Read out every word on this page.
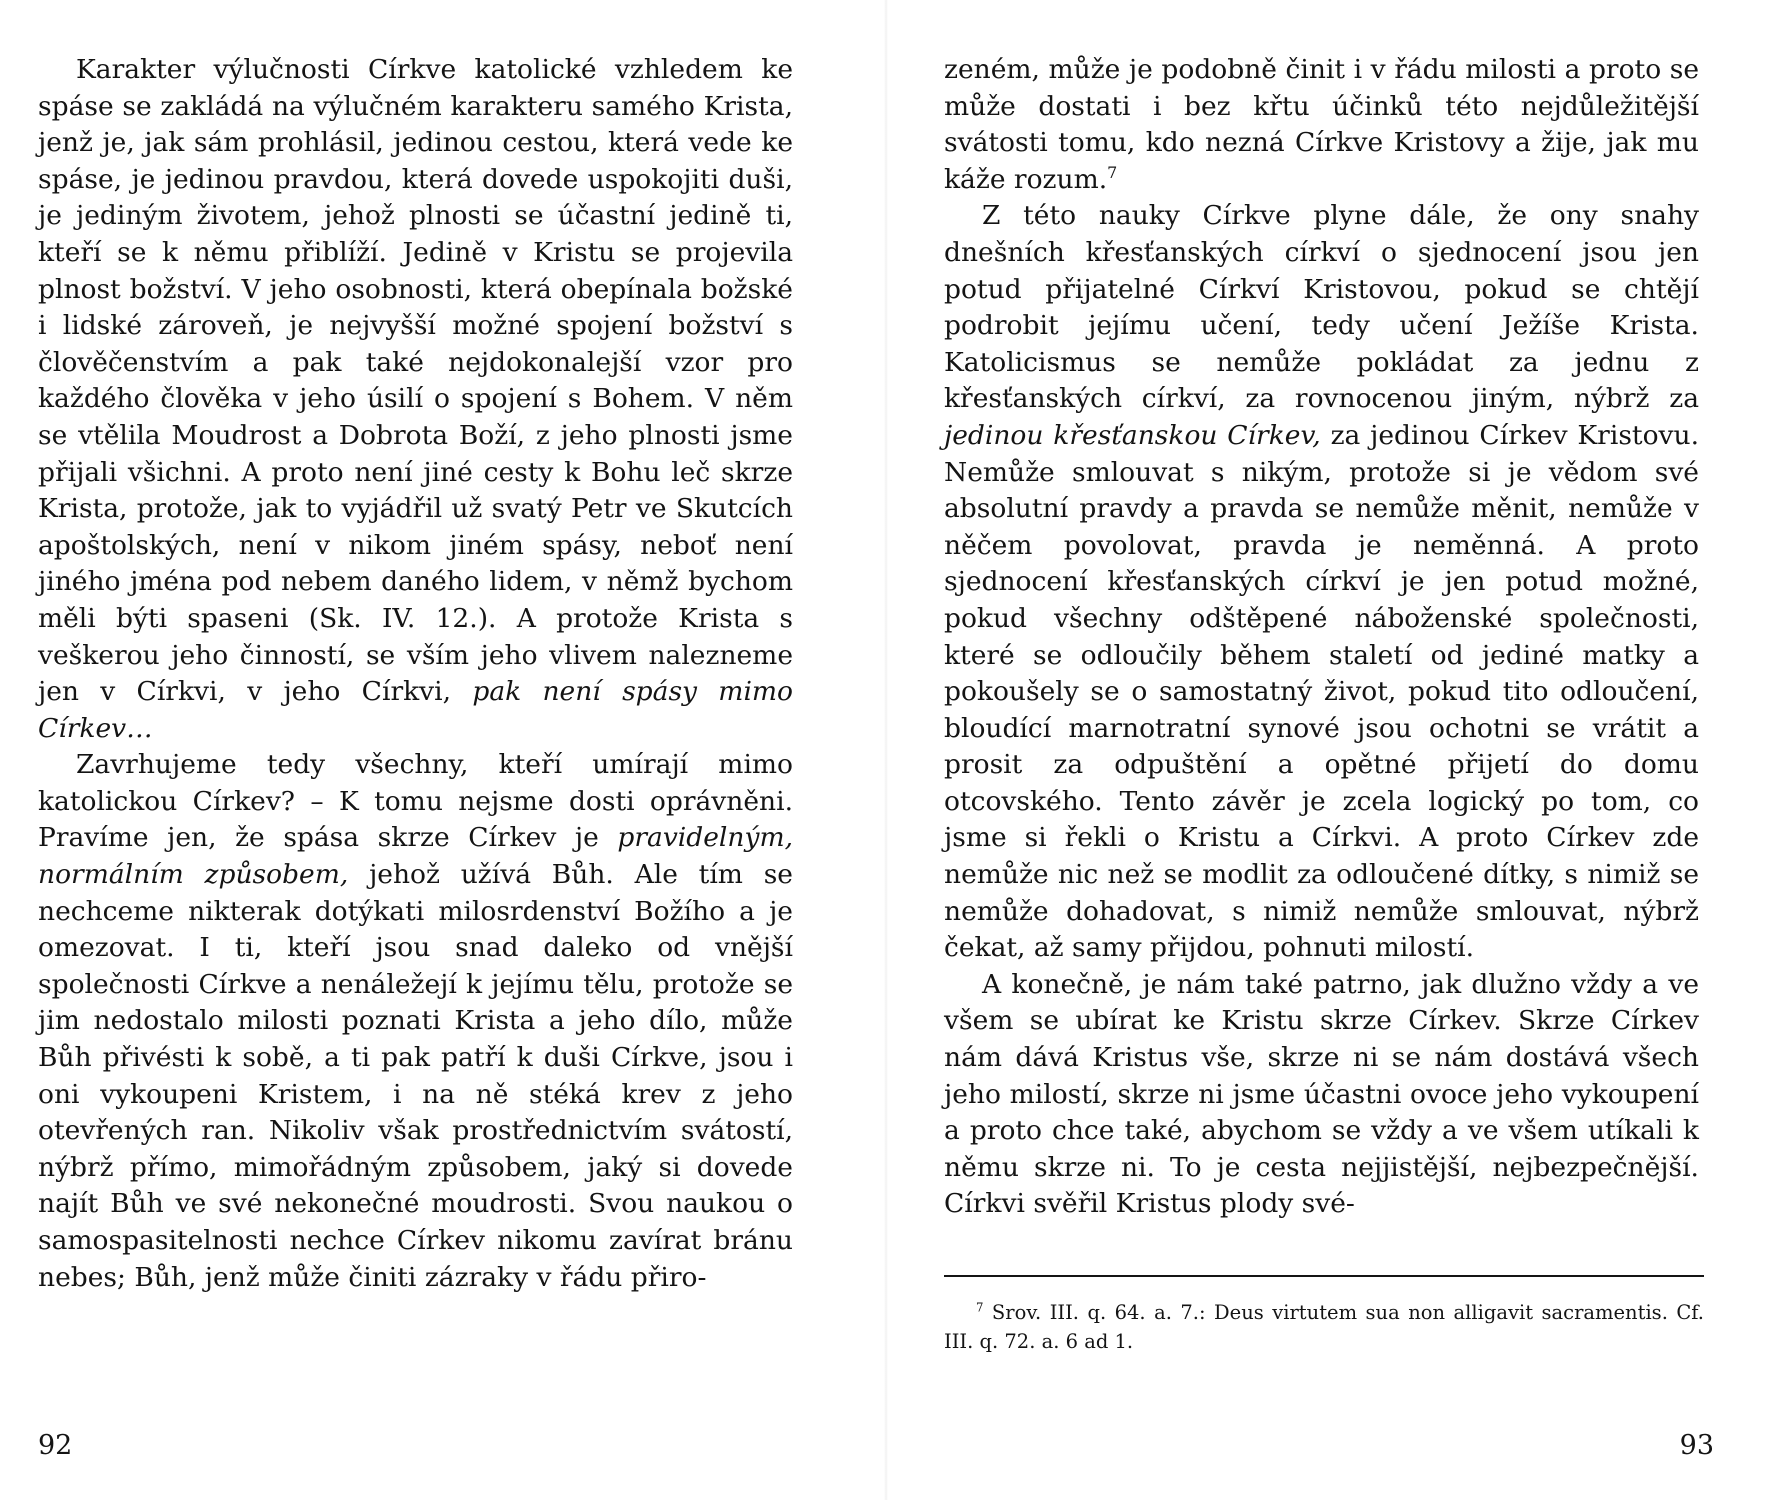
Karakter výlučnosti Církve katolické vzhledem ke spáse se zakládá na výlučném karakteru samého Krista, jenž je, jak sám prohlásil, jedinou cestou, která vede ke spáse, je jedinou pravdou, která dovede uspokojiti duši, je jediným životem, jehož plnosti se účastní jedině ti, kteří se k němu přiblíží. Jedině v Kristu se projevila plnost božství. V jeho osobnosti, která obepínala božské i lidské zároveň, je nejvyšší možné spojení božství s člověčenstvím a pak také nejdokonalejší vzor pro každého člověka v jeho úsilí o spojení s Bohem. V něm se vtělila Moudrost a Dobrota Boží, z jeho plnosti jsme přijali všichni. A proto není jiné cesty k Bohu leč skrze Krista, protože, jak to vyjádřil už svatý Petr ve Skutcích apoštolských, není v nikom jiném spásy, neboť není jiného jména pod nebem daného lidem, v němž bychom měli býti spaseni (Sk. IV. 12.). A protože Krista s veškerou jeho činností, se vším jeho vlivem nalezneme jen v Církvi, v jeho Církvi, pak není spásy mimo Církev…

Zavrhujeme tedy všechny, kteří umírají mimo katolickou Církev? – K tomu nejsme dosti oprávněni. Pravíme jen, že spása skrze Církev je pravidelným, normálním způsobem, jehož užívá Bůh. Ale tím se nechceme nikterak dotýkati milosrdenství Božího a je omezovat. I ti, kteří jsou snad daleko od vnější společnosti Církve a nenáležejí k jejímu tělu, protože se jim nedostalo milosti poznati Krista a jeho dílo, může Bůh přivésti k sobě, a ti pak patří k duši Církve, jsou i oni vykoupeni Kristem, i na ně stéká krev z jeho otevřených ran. Nikoliv však prostřednictvím svátostí, nýbrž přímo, mimořádným způsobem, jaký si dovede najít Bůh ve své nekonečné moudrosti. Svou naukou o samospasitelnosti nechce Církev nikomu zavírat bránu nebes; Bůh, jenž může činiti zázraky v řádu přiro-

92

zeném, může je podobně činit i v řádu milosti a proto se může dostati i bez křtu účinků této nejdůležitější svátosti tomu, kdo nezná Církve Kristovy a žije, jak mu káže rozum.$^7$

Z této nauky Církve plyne dále, že ony snahy dnešních křesťanských církví o sjednocení jsou jen potud přijatelné Církví Kristovou, pokud se chtějí podrobit jejímu učení, tedy učení Ježíše Krista. Katolicismus se nemůže pokládat za jednu z křesťanských církví, za rovnocenou jiným, nýbrž za jedinou křesťanskou Církev, za jedinou Církev Kristovu. Nemůže smlouvat s nikým, protože si je vědom své absolutní pravdy a pravda se nemůže měnit, nemůže v něčem povolovat, pravda je neměnná. A proto sjednocení křesťanských církví je jen potud možné, pokud všechny odštěpené náboženské společnosti, které se odloučily během staletí od jediné matky a pokoušely se o samostatný život, pokud tito odloučení, bloudící marnotratní synové jsou ochotni se vrátit a prosit za odpuštění a opětné přijetí do domu otcovského. Tento závěr je zcela logický po tom, co jsme si řekli o Kristu a Církvi. A proto Církev zde nemůže nic než se modlit za odloučené dítky, s nimiž se nemůže dohadovat, s nimiž nemůže smlouvat, nýbrž čekat, až samy přijdou, pohnuti milostí.

A konečně, je nám také patrno, jak dlužno vždy a ve všem se ubírat ke Kristu skrze Církev. Skrze Církev nám dává Kristus vše, skrze ni se nám dostává všech jeho milostí, skrze ni jsme účastni ovoce jeho vykoupení a proto chce také, abychom se vždy a ve všem utíkali k němu skrze ni. To je cesta nejjistější, nejbezpečnější. Církvi svěřil Kristus plody své-

$^7$ Srov. III. q. 64. a. 7.: Deus virtutem sua non alligavit sacramentis. Cf. III. q. 72. a. 6 ad 1.

93
